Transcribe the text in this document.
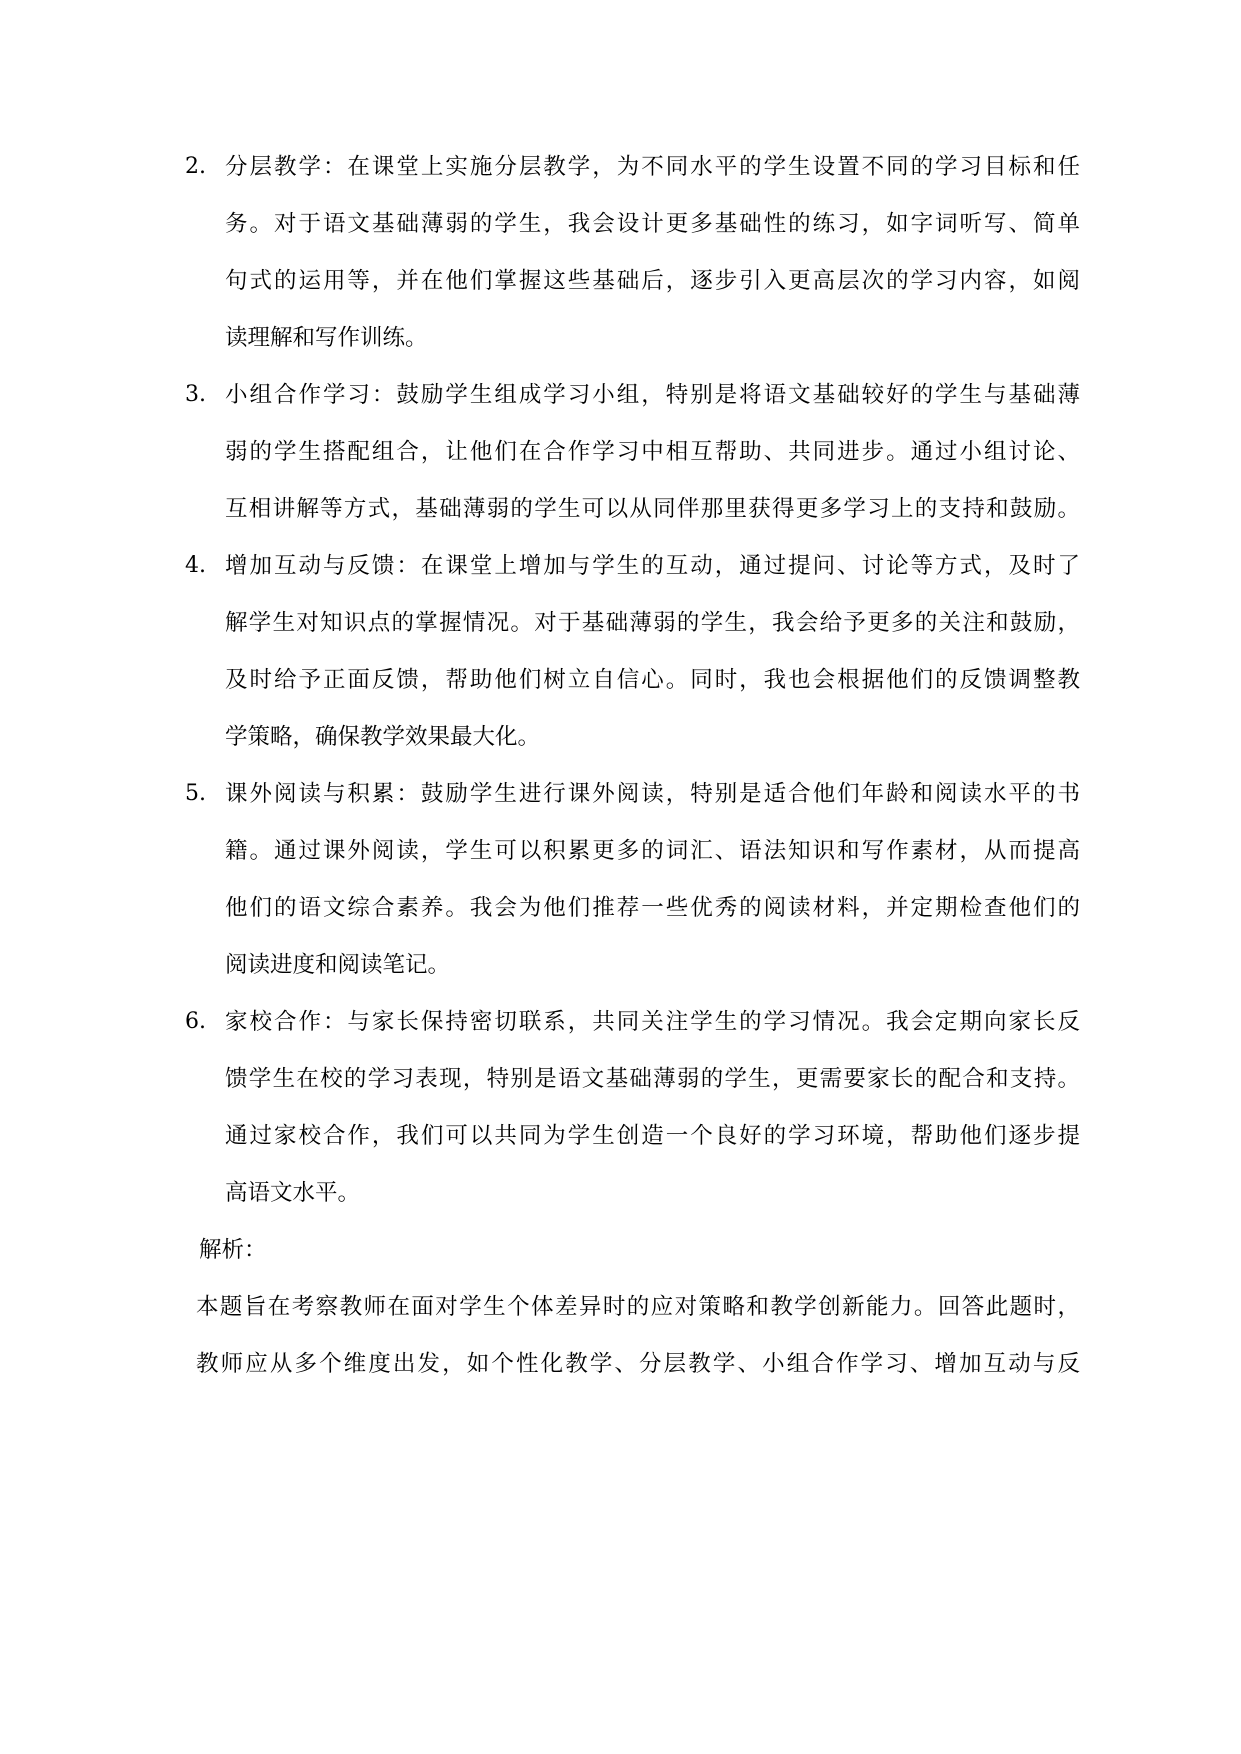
2. 分层教学：在课堂上实施分层教学，为不同水平的学生设置不同的学习目标和任
务。对于语文基础薄弱的学生，我会设计更多基础性的练习，如字词听写、简单
句式的运用等，并在他们掌握这些基础后，逐步引入更高层次的学习内容，如阅
读理解和写作训练。
3. 小组合作学习：鼓励学生组成学习小组，特别是将语文基础较好的学生与基础薄
弱的学生搭配组合，让他们在合作学习中相互帮助、共同进步。通过小组讨论、
互相讲解等方式，基础薄弱的学生可以从同伴那里获得更多学习上的支持和鼓励。
4. 增加互动与反馈：在课堂上增加与学生的互动，通过提问、讨论等方式，及时了
解学生对知识点的掌握情况。对于基础薄弱的学生，我会给予更多的关注和鼓励，
及时给予正面反馈，帮助他们树立自信心。同时，我也会根据他们的反馈调整教
学策略，确保教学效果最大化。
5. 课外阅读与积累：鼓励学生进行课外阅读，特别是适合他们年龄和阅读水平的书
籍。通过课外阅读，学生可以积累更多的词汇、语法知识和写作素材，从而提高
他们的语文综合素养。我会为他们推荐一些优秀的阅读材料，并定期检查他们的
阅读进度和阅读笔记。
6. 家校合作：与家长保持密切联系，共同关注学生的学习情况。我会定期向家长反
馈学生在校的学习表现，特别是语文基础薄弱的学生，更需要家长的配合和支持。
通过家校合作，我们可以共同为学生创造一个良好的学习环境，帮助他们逐步提
高语文水平。
解析：
本题旨在考察教师在面对学生个体差异时的应对策略和教学创新能力。回答此题时，
教师应从多个维度出发，如个性化教学、分层教学、小组合作学习、增加互动与反
